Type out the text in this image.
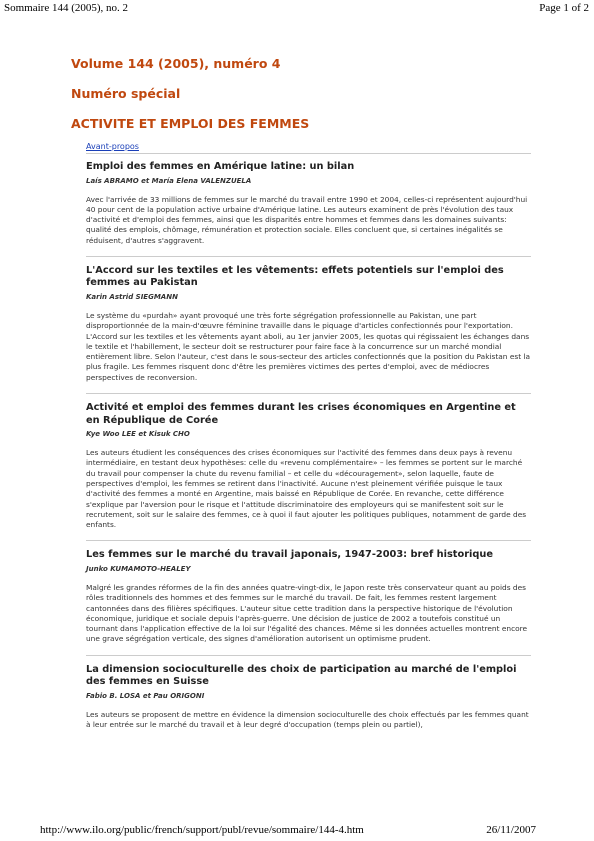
Sommaire 144 (2005), no. 2	Page 1 of 2
Volume 144 (2005), numéro 4
Numéro spécial
ACTIVITE ET EMPLOI DES FEMMES
Avant-propos

Emploi des femmes en Amérique latine: un bilan

Laís ABRAMO et María Elena VALENZUELA

Avec l'arrivée de 33 millions de femmes sur le marché du travail entre 1990 et 2004, celles-ci représentent aujourd'hui 40 pour cent de la population active urbaine d'Amérique latine. Les auteurs examinent de près l'évolution des taux d'activité et d'emploi des femmes, ainsi que les disparités entre hommes et femmes dans les domaines suivants: qualité des emplois, chômage, rémunération et protection sociale. Elles concluent que, si certaines inégalités se réduisent, d'autres s'aggravent.

L'Accord sur les textiles et les vêtements: effets potentiels sur l'emploi des femmes au Pakistan

Karin Astrid SIEGMANN

Le système du «purdah» ayant provoqué une très forte ségrégation professionnelle au Pakistan, une part disproportionnée de la main-d'œuvre féminine travaille dans le piquage d'articles confectionnés pour l'exportation. L'Accord sur les textiles et les vêtements ayant aboli, au 1er janvier 2005, les quotas qui régissaient les échanges dans le textile et l'habillement, le secteur doit se restructurer pour faire face à la concurrence sur un marché mondial entièrement libre. Selon l'auteur, c'est dans le sous-secteur des articles confectionnés que la position du Pakistan est la plus fragile. Les femmes risquent donc d'être les premières victimes des pertes d'emploi, avec de médiocres perspectives de reconversion.

Activité et emploi des femmes durant les crises économiques en Argentine et en République de Corée

Kye Woo LEE et Kisuk CHO

Les auteurs étudient les conséquences des crises économiques sur l'activité des femmes dans deux pays à revenu intermédiaire, en testant deux hypothèses: celle du «revenu complémentaire» – les femmes se portent sur le marché du travail pour compenser la chute du revenu familial – et celle du «découragement», selon laquelle, faute de perspectives d'emploi, les femmes se retirent dans l'inactivité. Aucune n'est pleinement vérifiée puisque le taux d'activité des femmes a monté en Argentine, mais baissé en République de Corée. En revanche, cette différence s'explique par l'aversion pour le risque et l'attitude discriminatoire des employeurs qui se manifestent soit sur le recrutement, soit sur le salaire des femmes, ce à quoi il faut ajouter les politiques publiques, notamment de garde des enfants.

Les femmes sur le marché du travail japonais, 1947-2003: bref historique

Junko KUMAMOTO-HEALEY

Malgré les grandes réformes de la fin des années quatre-vingt-dix, le Japon reste très conservateur quant au poids des rôles traditionnels des hommes et des femmes sur le marché du travail. De fait, les femmes restent largement cantonnées dans des filières spécifiques. L'auteur situe cette tradition dans la perspective historique de l'évolution économique, juridique et sociale depuis l'après-guerre. Une décision de justice de 2002 a toutefois constitué un tournant dans l'application effective de la loi sur l'égalité des chances. Même si les données actuelles montrent encore une grave ségrégation verticale, des signes d'amélioration autorisent un optimisme prudent.

La dimension socioculturelle des choix de participation au marché de l'emploi des femmes en Suisse

Fabio B. LOSA et Pau ORIGONI

Les auteurs se proposent de mettre en évidence la dimension socioculturelle des choix effectués par les femmes quant à leur entrée sur le marché du travail et à leur degré d'occupation (temps plein ou partiel),

http://www.ilo.org/public/french/support/publ/revue/sommaire/144-4.htm	26/11/2007
